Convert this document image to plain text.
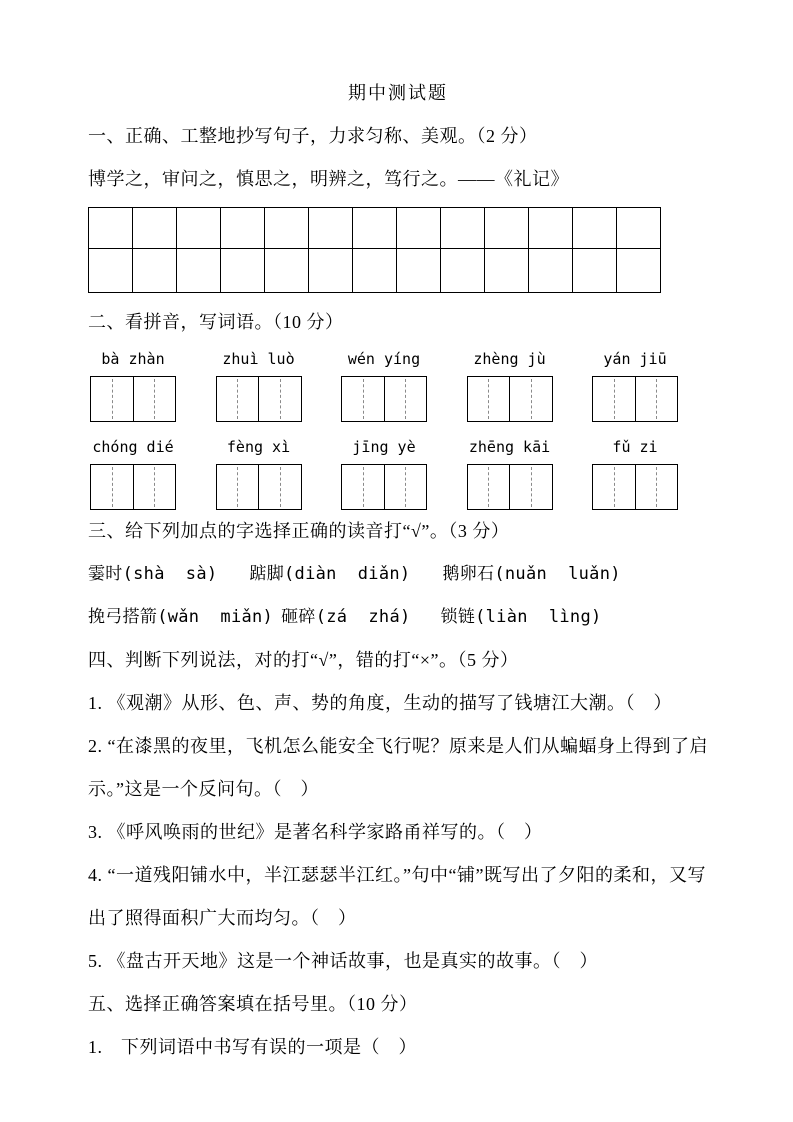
期中测试题

一、正确、工整地抄写句子，力求匀称、美观。（2 分）

博学之，审问之，慎思之，明辨之，笃行之。——《礼记》

二、看拼音，写词语。（10 分）

bà zhàn	zhuì luò	wén yíng	zhèng jù	yán jiū
chóng dié	fèng xì	jīng yè	zhēng kāi	fǔ zi

三、给下列加点的字选择正确的读音打“√”。（3 分）

霎时(shà  sà) 踮脚(diàn  diǎn) 鹅卵石(nuǎn  luǎn)

挽弓搭箭(wǎn  miǎn) 砸碎(zá  zhá) 锁链(liàn  lìng)

四、判断下列说法，对的打“√”，错的打“×”。（5 分）

1. 《观潮》从形、色、声、势的角度，生动的描写了钱塘江大潮。（　）

2. “在漆黑的夜里，飞机怎么能安全飞行呢？原来是人们从蝙蝠身上得到了启示。”这是一个反问句。（　）

3. 《呼风唤雨的世纪》是著名科学家路甬祥写的。（　）

4. “一道残阳铺水中，半江瑟瑟半江红。”句中“铺”既写出了夕阳的柔和，又写出了照得面积广大而均匀。（　）

5. 《盘古开天地》这是一个神话故事，也是真实的故事。（　）

五、选择正确答案填在括号里。（10 分）

1.　下列词语中书写有误的一项是（　）
